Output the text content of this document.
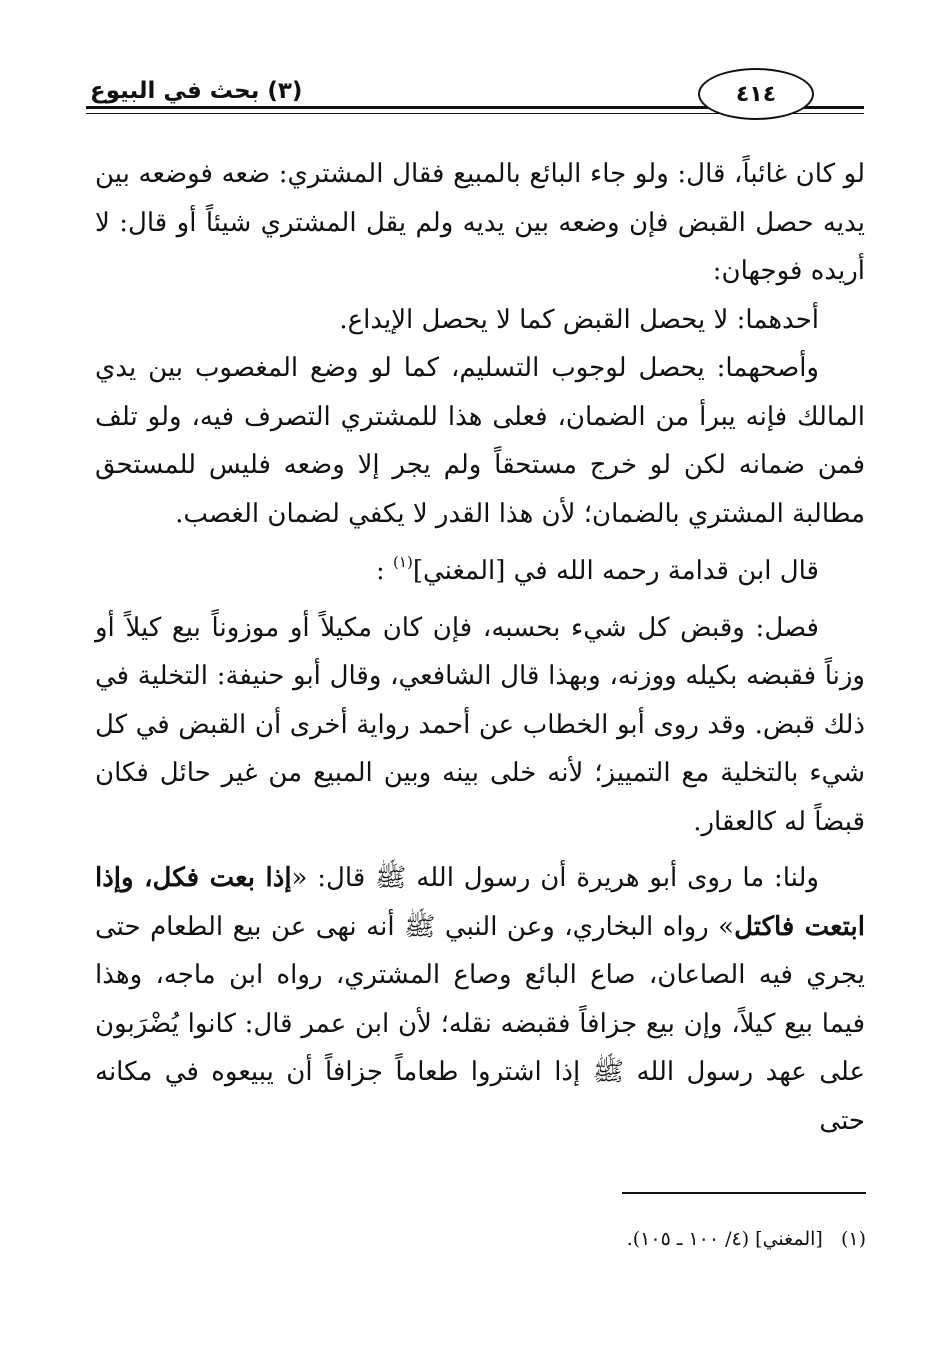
(٣) بحث في البيوع	٤١٤

لو كان غائباً، قال: ولو جاء البائع بالمبيع فقال المشتري: ضعه فوضعه بين يديه حصل القبض فإن وضعه بين يديه ولم يقل المشتري شيئاً أو قال: لا أريده فوجهان:

أحدهما: لا يحصل القبض كما لا يحصل الإيداع.

وأصحهما: يحصل لوجوب التسليم، كما لو وضع المغصوب بين يدي المالك فإنه يبرأ من الضمان، فعلى هذا للمشتري التصرف فيه، ولو تلف فمن ضمانه لكن لو خرج مستحقاً ولم يجر إلا وضعه فليس للمستحق مطالبة المشتري بالضمان؛ لأن هذا القدر لا يكفي لضمان الغصب.

قال ابن قدامة رحمه الله في [المغني]$^{(١)}$ :

فصل: وقبض كل شيء بحسبه، فإن كان مكيلاً أو موزوناً بيع كيلاً أو وزناً فقبضه بكيله ووزنه، وبهذا قال الشافعي، وقال أبو حنيفة: التخلية في ذلك قبض. وقد روى أبو الخطاب عن أحمد رواية أخرى أن القبض في كل شيء بالتخلية مع التمييز؛ لأنه خلى بينه وبين المبيع من غير حائل فكان قبضاً له كالعقار.

ولنا: ما روى أبو هريرة أن رسول الله ﷺ قال: «إذا بعت فكل، وإذا ابتعت فاكتل» رواه البخاري، وعن النبي ﷺ أنه نهى عن بيع الطعام حتى يجري فيه الصاعان، صاع البائع وصاع المشتري، رواه ابن ماجه، وهذا فيما بيع كيلاً، وإن بيع جزافاً فقبضه نقله؛ لأن ابن عمر قال: كانوا يُضْرَبون على عهد رسول الله ﷺ إذا اشتروا طعاماً جزافاً أن يبيعوه في مكانه حتى

(١)   [المغني] (٤/ ١٠٠ ـ ١٠٥).
